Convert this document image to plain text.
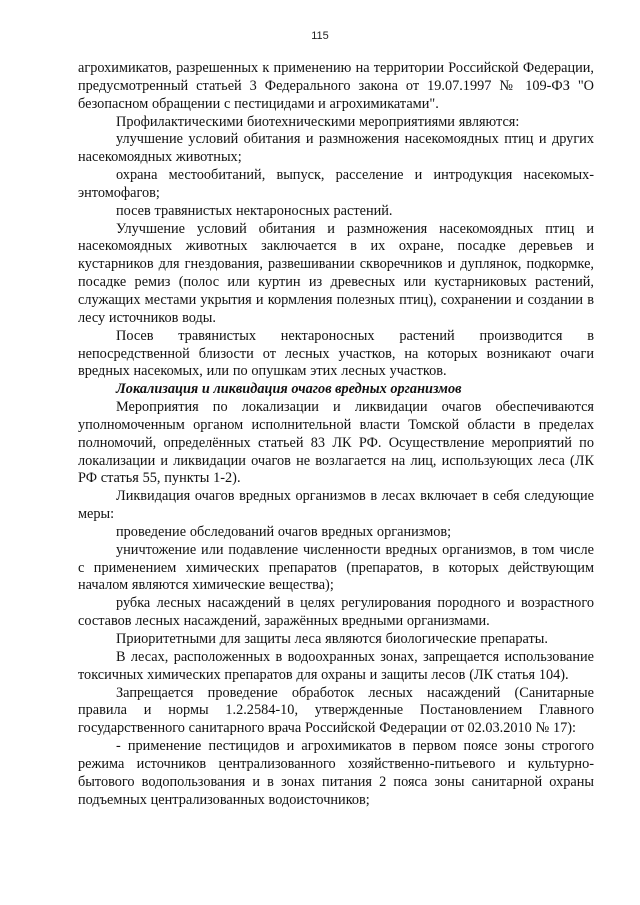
115

агрохимикатов, разрешенных к применению на территории Российской Федерации, предусмотренный статьей 3 Федерального закона от 19.07.1997 № 109-ФЗ "О безопасном обращении с пестицидами и агрохимикатами".

Профилактическими биотехническими мероприятиями являются:

улучшение условий обитания и размножения насекомоядных птиц и других насекомоядных животных;

охрана местообитаний, выпуск, расселение и интродукция насекомых-энтомофагов;

посев травянистых нектароносных растений.

Улучшение условий обитания и размножения насекомоядных птиц и насекомоядных животных заключается в их охране, посадке деревьев и кустарников для гнездования, развешивании скворечников и дуплянок, подкормке, посадке ремиз (полос или куртин из древесных или кустарниковых растений, служащих местами укрытия и кормления полезных птиц), сохранении и создании в лесу источников воды.

Посев травянистых нектароносных растений производится в непосредственной близости от лесных участков, на которых возникают очаги вредных насекомых, или по опушкам этих лесных участков.

Локализация и ликвидация очагов вредных организмов

Мероприятия по локализации и ликвидации очагов обеспечиваются уполномоченным органом исполнительной власти Томской области в пределах полномочий, определённых статьей 83 ЛК РФ. Осуществление мероприятий по локализации и ликвидации очагов не возлагается на лиц, использующих леса (ЛК РФ статья 55, пункты 1-2).

Ликвидация очагов вредных организмов в лесах включает в себя следующие меры:

проведение обследований очагов вредных организмов;

уничтожение или подавление численности вредных организмов, в том числе с применением химических препаратов (препаратов, в которых действующим началом являются химические вещества);

рубка лесных насаждений в целях регулирования породного и возрастного составов лесных насаждений, заражённых вредными организмами.

Приоритетными для защиты леса являются биологические препараты.

В лесах, расположенных в водоохранных зонах, запрещается использование токсичных химических препаратов для охраны и защиты лесов (ЛК статья 104).

Запрещается проведение обработок лесных насаждений (Санитарные правила и нормы 1.2.2584-10, утвержденные Постановлением Главного государственного санитарного врача Российской Федерации от 02.03.2010 № 17):

- применение пестицидов и агрохимикатов в первом поясе зоны строгого режима источников централизованного хозяйственно-питьевого и культурно-бытового водопользования и в зонах питания 2 пояса зоны санитарной охраны подъемных централизованных водоисточников;
